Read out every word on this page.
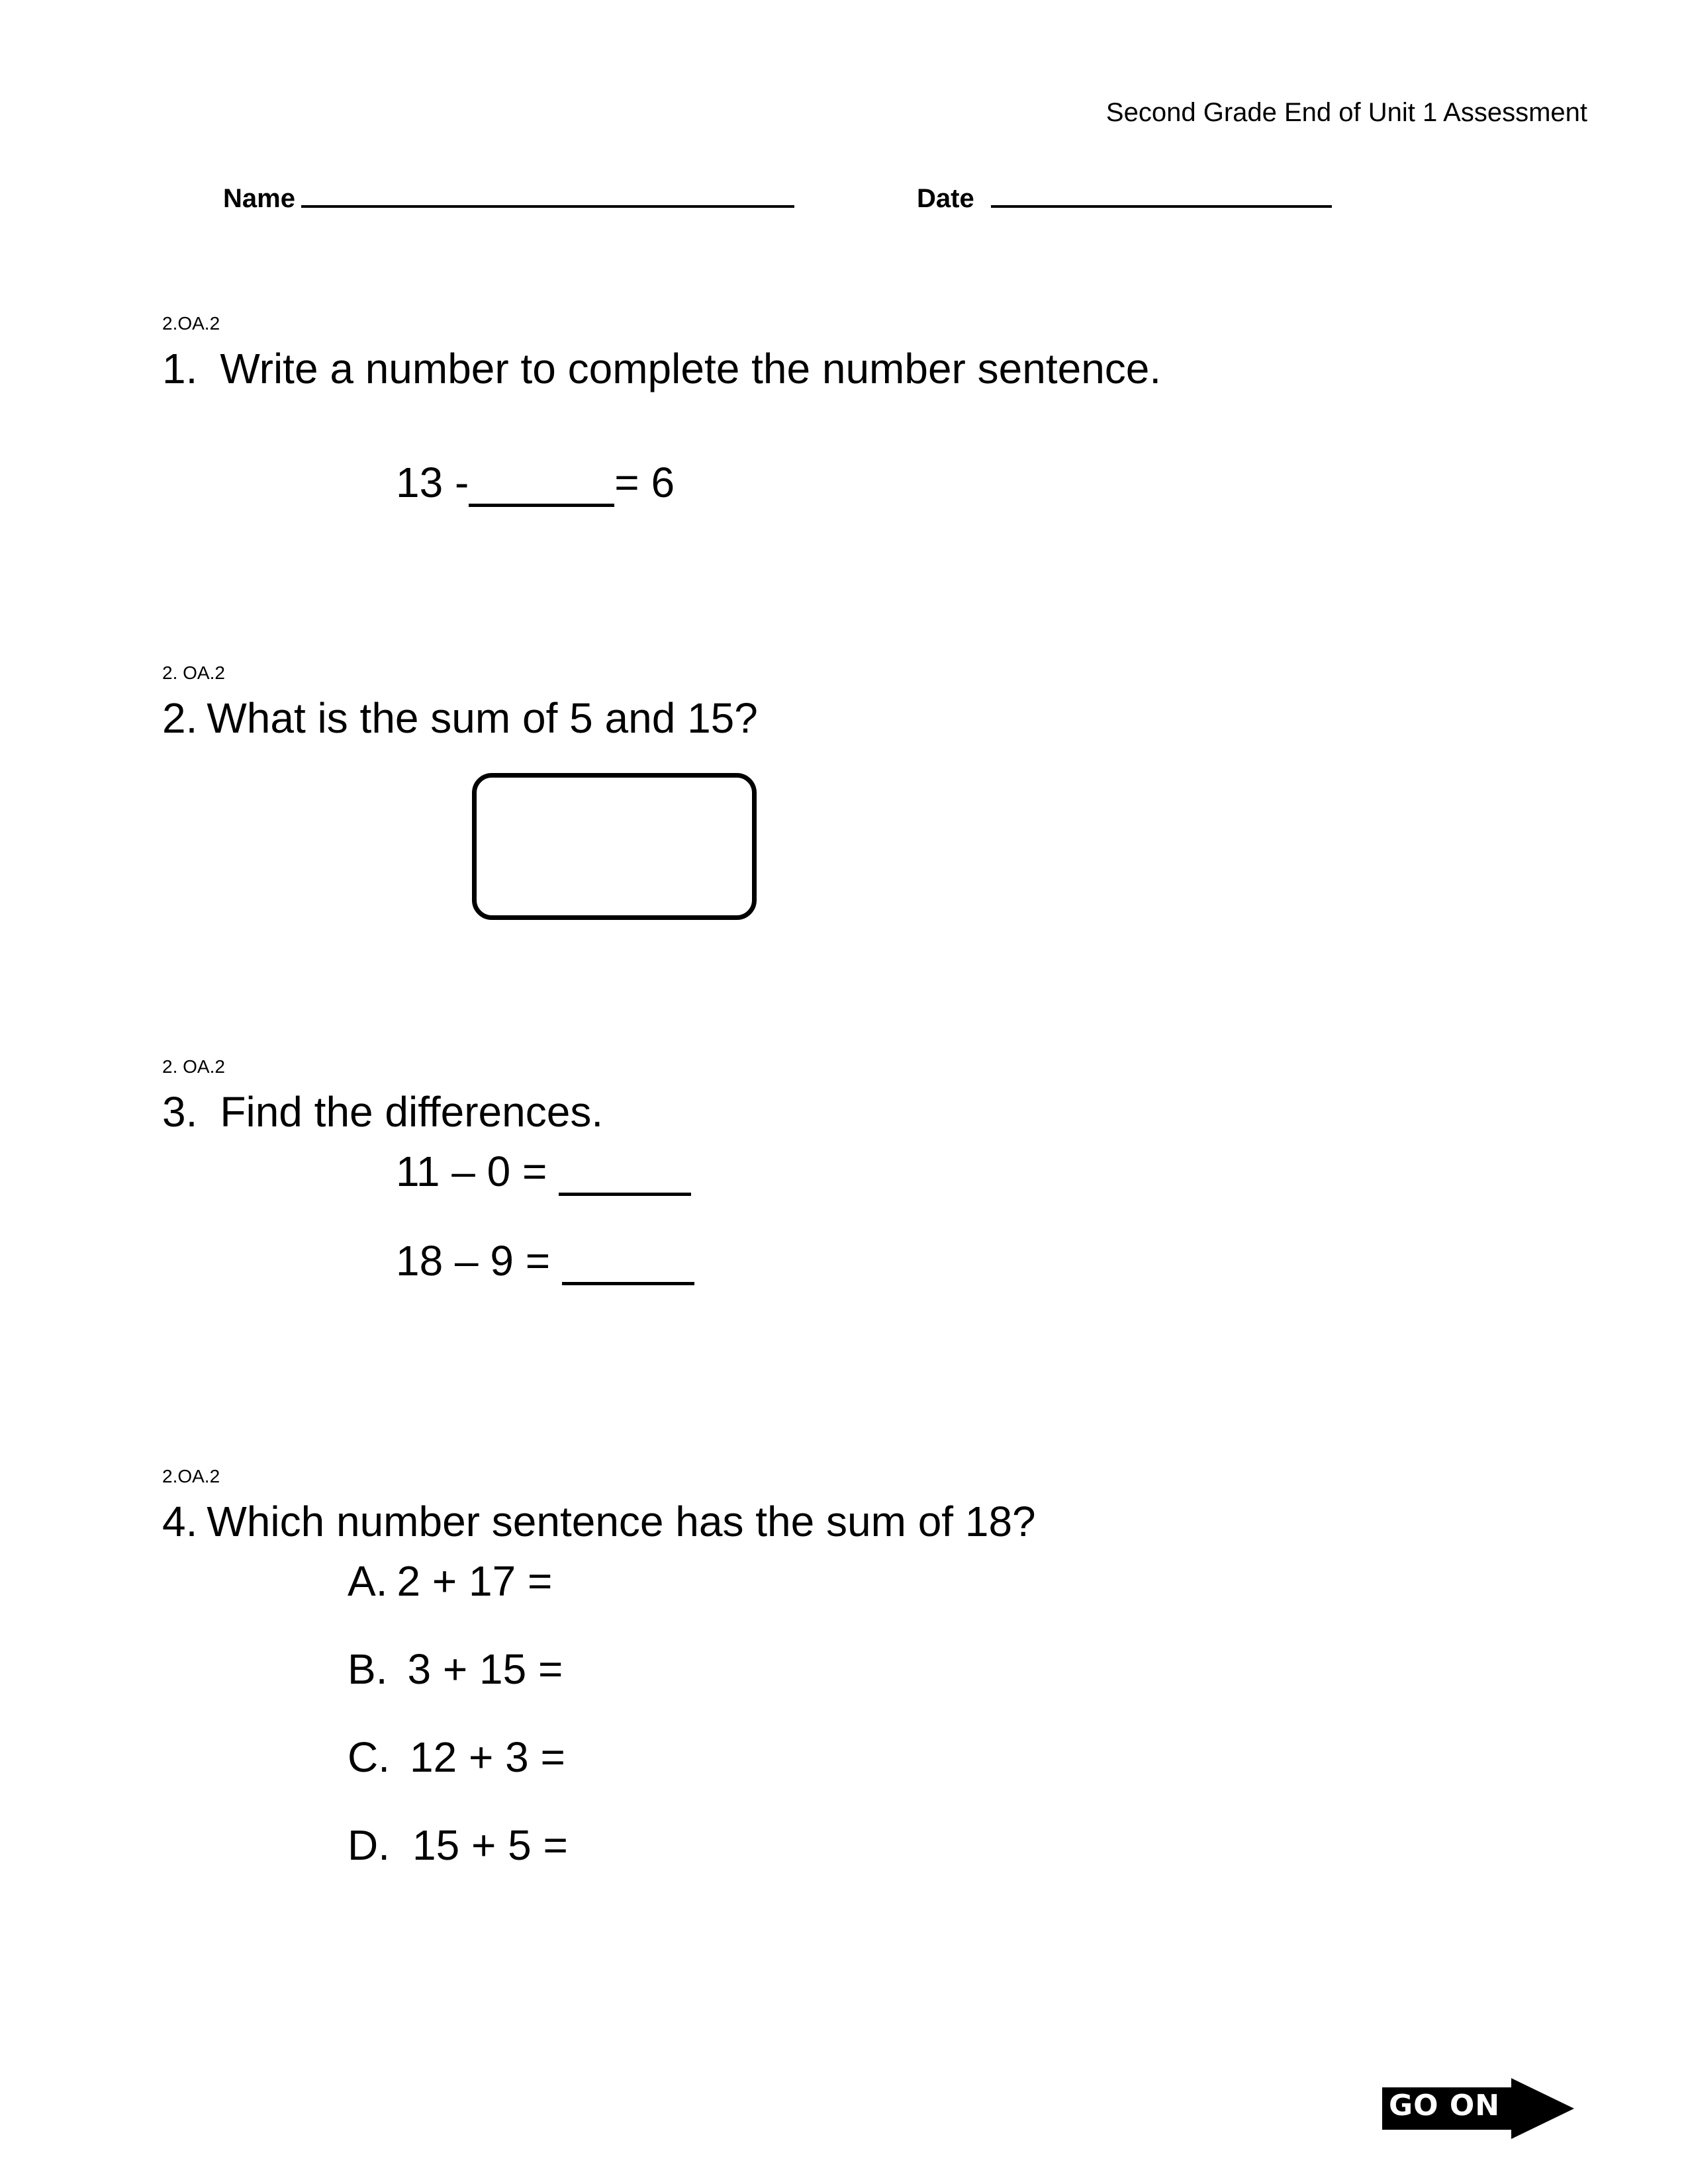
Second Grade End of Unit 1 Assessment
Name	Date
2.OA.2
1. Write a number to complete the number sentence.
13 -	= 6
2. OA.2
2. What is the sum of 5 and 15?
2. OA.2
3. Find the differences.
11 – 0 =
18 – 9 =
2.OA.2
4. Which number sentence has the sum of 18?
A. 2 + 17 =
B. 3 + 15 =
C. 12 + 3 =
D. 15 + 5 =
GO ON
